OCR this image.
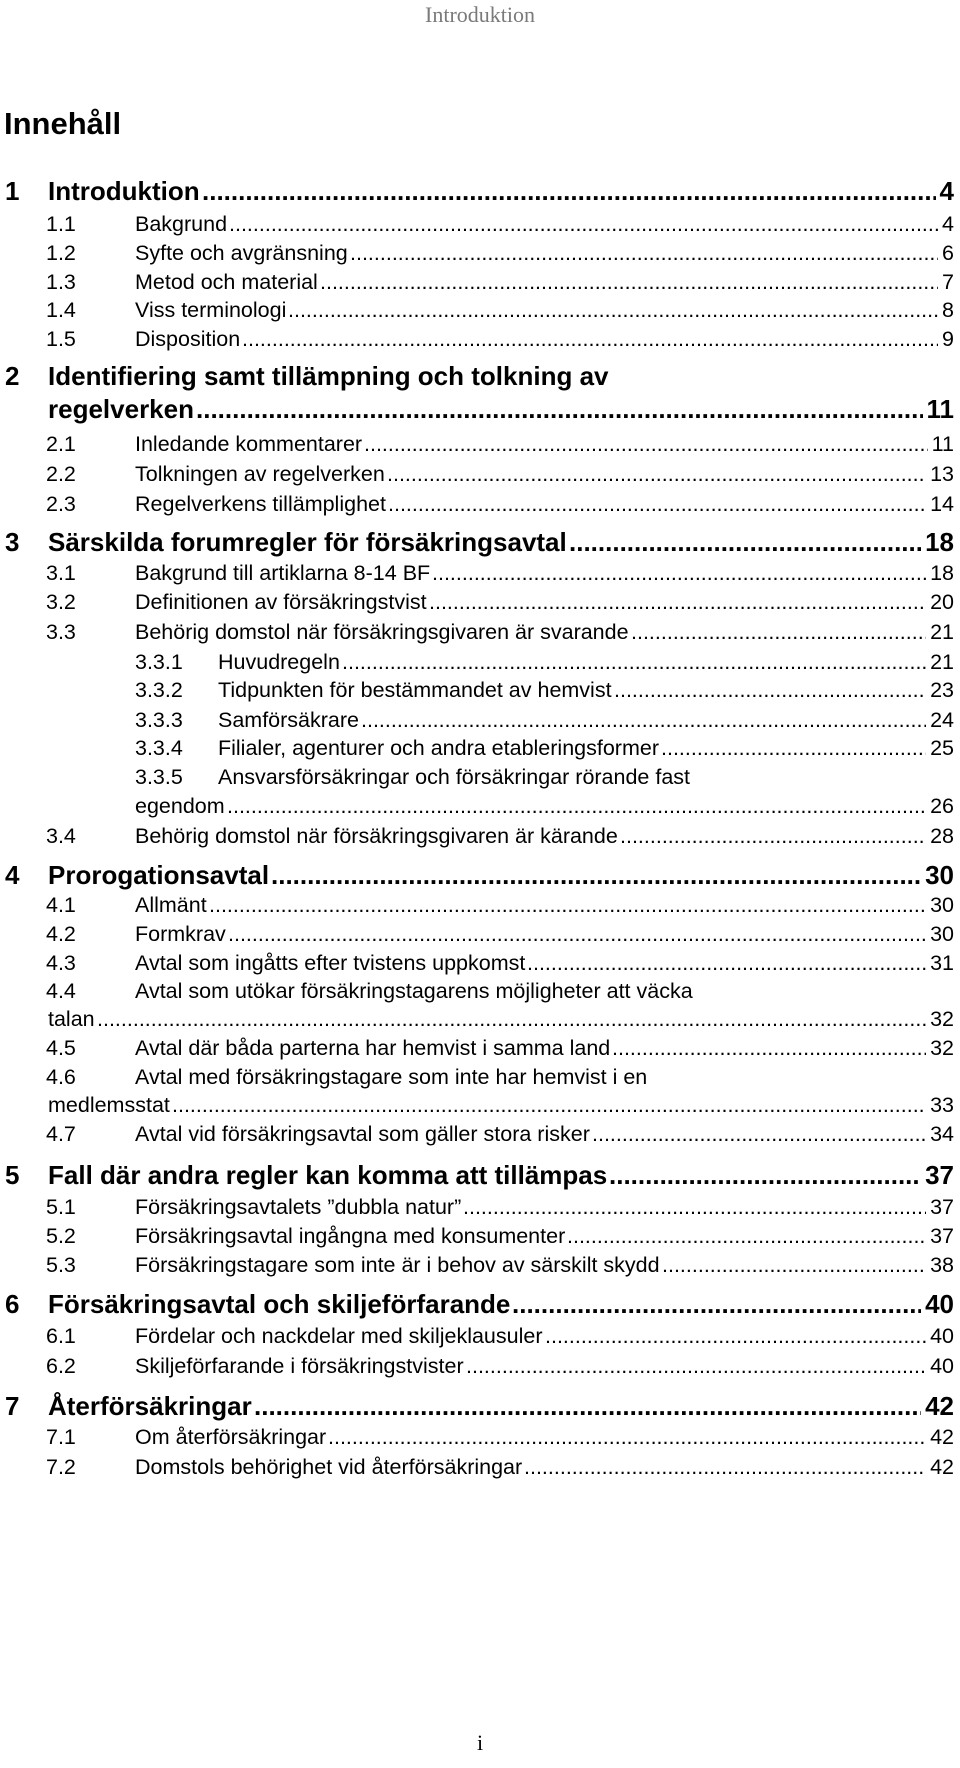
Introduktion
Innehåll
1 Introduktion	4
.....
1.1	Bakgrund	4
.....
1.2	Syfte och avgränsning	6
.....
1.3	Metod och material	7
.....
1.4	Viss terminologi	8
.....
1.5	Disposition	9
.....
2 Identifiering samt tillämpning och tolkning av
regelverken	11
.....
2.1	Inledande kommentarer	11
.....
2.2	Tolkningen av regelverken	13
.....
2.3	Regelverkens tillämplighet	14
.....
3 Särskilda forumregler för försäkringsavtal	18
.....
3.1	Bakgrund till artiklarna 8-14 BF	18
.....
3.2	Definitionen av försäkringstvist	20
.....
3.3	Behörig domstol när försäkringsgivaren är svarande	21
.....
3.3.1 Huvudregeln	21
.....
3.3.2 Tidpunkten för bestämmandet av hemvist	23
.....
3.3.3 Samförsäkrare	24
.....
3.3.4 Filialer, agenturer och andra etableringsformer	25
.....
3.3.5 Ansvarsförsäkringar och försäkringar rörande fast
egendom	26
.....
3.4	Behörig domstol när försäkringsgivaren är kärande	28
.....
4 Prorogationsavtal	30
.....
4.1	Allmänt	30
.....
4.2	Formkrav	30
.....
4.3	Avtal som ingåtts efter tvistens uppkomst	31
.....
4.4	Avtal som utökar försäkringstagarens möjligheter att väcka
talan	32
.....
4.5	Avtal där båda parterna har hemvist i samma land	32
.....
4.6	Avtal med försäkringstagare som inte har hemvist i en
medlemsstat	33
.....
4.7	Avtal vid försäkringsavtal som gäller stora risker	34
.....
5 Fall där andra regler kan komma att tillämpas	37
.....
5.1	Försäkringsavtalets ”dubbla natur”	37
.....
5.2	Försäkringsavtal ingångna med konsumenter	37
.....
5.3	Försäkringstagare som inte är i behov av särskilt skydd	38
.....
6 Försäkringsavtal och skiljeförfarande	40
.....
6.1	Fördelar och nackdelar med skiljeklausuler	40
.....
6.2	Skiljeförfarande i försäkringstvister	40
.....
7 Återförsäkringar	42
.....
7.1	Om återförsäkringar	42
.....
7.2	Domstols behörighet vid återförsäkringar	42
.....
i
